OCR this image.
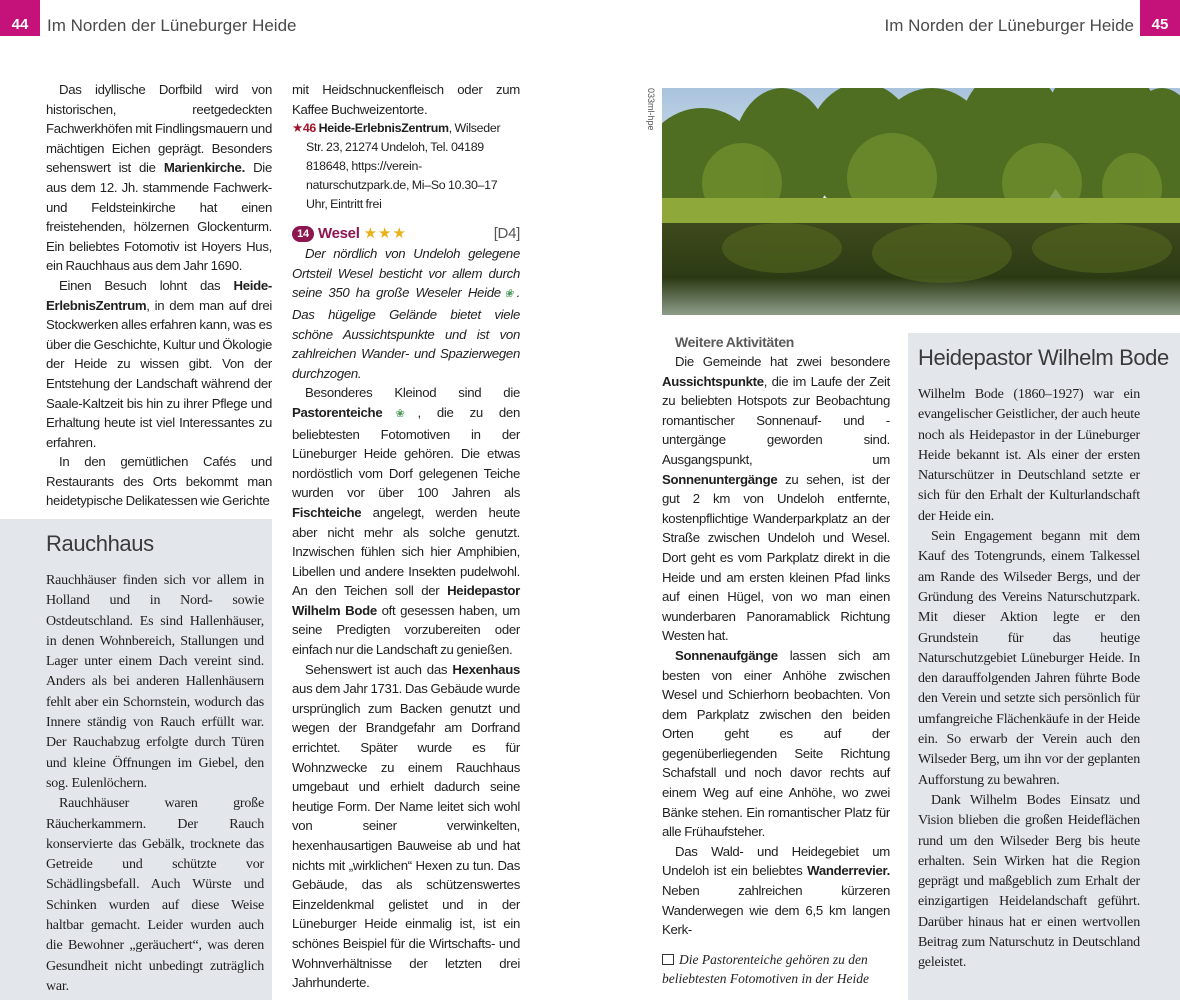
44	Im Norden der Lüneburger Heide	Im Norden der Lüneburger Heide	45

Das idyllische Dorfbild wird von historischen, reetgedeckten Fachwerkhöfen mit Findlingsmauern und mächtigen Eichen geprägt. Besonders sehenswert ist die Marienkirche. Die aus dem 12. Jh. stammende Fachwerk- und Feldsteinkirche hat einen freistehenden, hölzernen Glockenturm. Ein beliebtes Fotomotiv ist Hoyers Hus, ein Rauchhaus aus dem Jahr 1690.

Einen Besuch lohnt das Heide-ErlebnisZentrum, in dem man auf drei Stockwerken alles erfahren kann, was es über die Geschichte, Kultur und Ökologie der Heide zu wissen gibt. Von der Entstehung der Landschaft während der Saale-Kaltzeit bis hin zu ihrer Pflege und Erhaltung heute ist viel Interessantes zu erfahren.

In den gemütlichen Cafés und Restaurants des Orts bekommt man heidetypische Delikatessen wie Gerichte

Rauchhaus

Rauchhäuser finden sich vor allem in Holland und in Nord- sowie Ostdeutschland. Es sind Hallenhäuser, in denen Wohnbereich, Stallungen und Lager unter einem Dach vereint sind. Anders als bei anderen Hallenhäusern fehlt aber ein Schornstein, wodurch das Innere ständig von Rauch erfüllt war. Der Rauchabzug erfolgte durch Türen und kleine Öffnungen im Giebel, den sog. Eulenlöchern.

Rauchhäuser waren große Räucherkammern. Der Rauch konservierte das Gebälk, trocknete das Getreide und schützte vor Schädlingsbefall. Auch Würste und Schinken wurden auf diese Weise haltbar gemacht. Leider wurden auch die Bewohner „geräuchert“, was deren Gesundheit nicht unbedingt zuträglich war.

mit Heidschnuckenfleisch oder zum Kaffee Buchweizentorte.

★46 Heide-ErlebnisZentrum, Wilseder Str. 23, 21274 Undeloh, Tel. 04189 818648, https://verein-naturschutzpark.de, Mi–So 10.30–17 Uhr, Eintritt frei

14 Wesel ★★★	[D4]

Der nördlich von Undeloh gelegene Ortsteil Wesel besticht vor allem durch seine 350 ha große Weseler Heide❀. Das hügelige Gelände bietet viele schöne Aussichtspunkte und ist von zahlreichen Wander- und Spazierwegen durchzogen.

Besonderes Kleinod sind die Pastorenteiche❀, die zu den beliebtesten Fotomotiven in der Lüneburger Heide gehören. Die etwas nordöstlich vom Dorf gelegenen Teiche wurden vor über 100 Jahren als Fischteiche angelegt, werden heute aber nicht mehr als solche genutzt. Inzwischen fühlen sich hier Amphibien, Libellen und andere Insekten pudelwohl. An den Teichen soll der Heidepastor Wilhelm Bode oft gesessen haben, um seine Predigten vorzubereiten oder einfach nur die Landschaft zu genießen.

Sehenswert ist auch das Hexenhaus aus dem Jahr 1731. Das Gebäude wurde ursprünglich zum Backen genutzt und wegen der Brandgefahr am Dorfrand errichtet. Später wurde es für Wohnzwecke zu einem Rauchhaus umgebaut und erhielt dadurch seine heutige Form. Der Name leitet sich wohl von seiner verwinkelten, hexenhausartigen Bauweise ab und hat nichts mit „wirklichen“ Hexen zu tun. Das Gebäude, das als schützenswertes Einzeldenkmal gelistet und in der Lüneburger Heide einmalig ist, ist ein schönes Beispiel für die Wirtschafts- und Wohnverhältnisse der letzten drei Jahrhunderte.

033ml-hpe

Weitere Aktivitäten

Die Gemeinde hat zwei besondere Aussichtspunkte, die im Laufe der Zeit zu beliebten Hotspots zur Beobachtung romantischer Sonnenauf- und -untergänge geworden sind. Ausgangspunkt, um Sonnenuntergänge zu sehen, ist der gut 2 km von Undeloh entfernte, kostenpflichtige Wanderparkplatz an der Straße zwischen Undeloh und Wesel. Dort geht es vom Parkplatz direkt in die Heide und am ersten kleinen Pfad links auf einen Hügel, von wo man einen wunderbaren Panoramablick Richtung Westen hat.

Sonnenaufgänge lassen sich am besten von einer Anhöhe zwischen Wesel und Schierhorn beobachten. Von dem Parkplatz zwischen den beiden Orten geht es auf der gegenüberliegenden Seite Richtung Schafstall und noch davor rechts auf einem Weg auf eine Anhöhe, wo zwei Bänke stehen. Ein romantischer Platz für alle Frühaufsteher.

Das Wald- und Heidegebiet um Undeloh ist ein beliebtes Wanderrevier. Neben zahlreichen kürzeren Wanderwegen wie dem 6,5 km langen Kerk-

Die Pastorenteiche gehören zu den beliebtesten Fotomotiven in der Heide
Heidepastor Wilhelm Bode

Wilhelm Bode (1860–1927) war ein evangelischer Geistlicher, der auch heute noch als Heidepastor in der Lüneburger Heide bekannt ist. Als einer der ersten Naturschützer in Deutschland setzte er sich für den Erhalt der Kulturlandschaft der Heide ein.

Sein Engagement begann mit dem Kauf des Totengrunds, einem Talkessel am Rande des Wilseder Bergs, und der Gründung des Vereins Naturschutzpark. Mit dieser Aktion legte er den Grundstein für das heutige Naturschutzgebiet Lüneburger Heide. In den darauffolgenden Jahren führte Bode den Verein und setzte sich persönlich für umfangreiche Flächenkäufe in der Heide ein. So erwarb der Verein auch den Wilseder Berg, um ihn vor der geplanten Aufforstung zu bewahren.

Dank Wilhelm Bodes Einsatz und Vision blieben die großen Heideflächen rund um den Wilseder Berg bis heute erhalten. Sein Wirken hat die Region geprägt und maßgeblich zum Erhalt der einzigartigen Heidelandschaft geführt. Darüber hinaus hat er einen wertvollen Beitrag zum Naturschutz in Deutschland geleistet.
